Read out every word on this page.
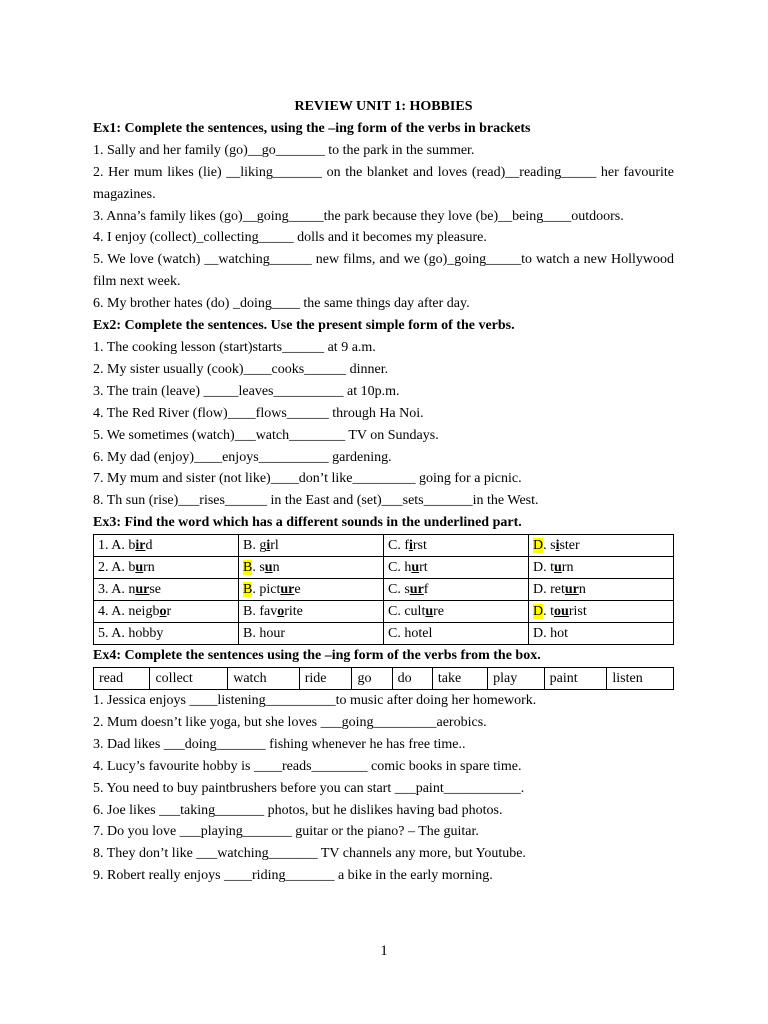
REVIEW UNIT 1: HOBBIES
Ex1: Complete the sentences, using the –ing form of the verbs in brackets
1. Sally and her family (go)__go_______ to the park in the summer.
2. Her mum likes (lie) __liking_______ on the blanket and loves (read)__reading_____ her favourite magazines.
3. Anna’s family likes (go)__going_____the park because they love (be)__being____outdoors.
4. I enjoy (collect)_collecting_____ dolls and it becomes my pleasure.
5. We love (watch) __watching______ new films, and we (go)_going_____to watch a new Hollywood film next week.
6. My brother hates (do) _doing____ the same things day after day.
Ex2: Complete the sentences. Use the present simple form of the verbs.
1. The cooking lesson (start)starts______ at 9 a.m.
2. My sister usually (cook)____cooks______ dinner.
3. The train (leave) _____leaves__________ at 10p.m.
4. The Red River (flow)____flows______ through Ha Noi.
5. We sometimes (watch)___watch________ TV on Sundays.
6. My dad (enjoy)____enjoys__________ gardening.
7. My mum and sister (not like)____don’t like_________ going for a picnic.
8. Th sun (rise)___rises______ in the East and (set)___sets_______in the West.
Ex3: Find the word which has a different sounds in the underlined part.
1. A. bird	B. girl	C. first	D. sister
2. A. burn	B. sun	C. hurt	D. turn
3. A. nurse	B. picture	C. surf	D. return
4. A. neigbor	B. favorite	C. culture	D. tourist
5. A. hobby	B. hour	C. hotel	D. hot
Ex4: Complete the sentences using the –ing form of the verbs from the box.
read	collect	watch	ride	go	do	take	play	paint	listen
1. Jessica enjoys ____listening__________to music after doing her homework.
2. Mum doesn’t like yoga, but she loves ___going_________aerobics.
3. Dad likes ___doing_______ fishing whenever he has free time..
4. Lucy’s favourite hobby is ____reads________ comic books in spare time.
5. You need to buy paintbrushers before you can start ___paint___________.
6. Joe likes ___taking_______ photos, but he dislikes having bad photos.
7. Do you love ___playing_______ guitar or the piano? – The guitar.
8. They don’t like ___watching_______ TV channels any more, but Youtube.
9. Robert really enjoys ____riding_______ a bike in the early morning.
1
